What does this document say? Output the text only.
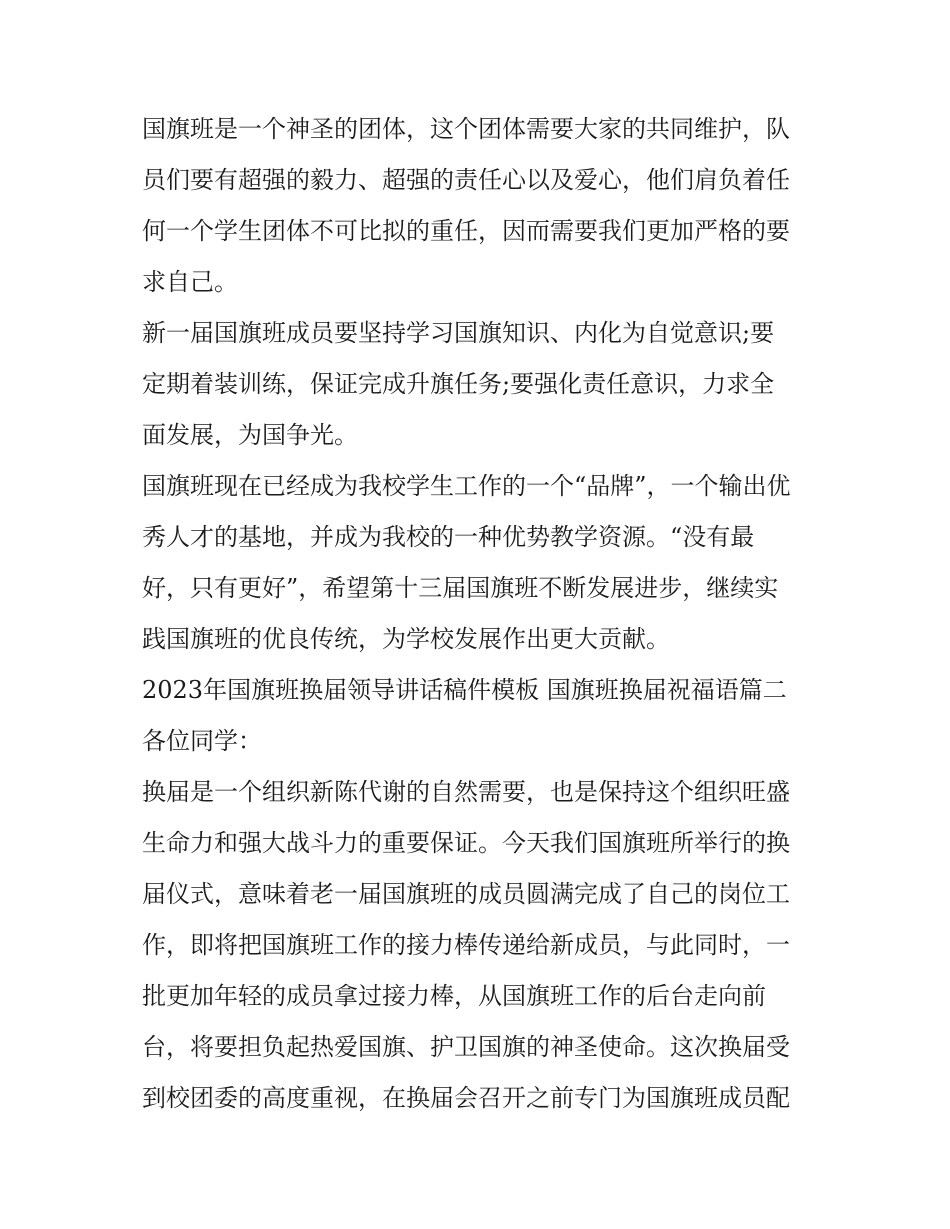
国旗班是一个神圣的团体，这个团体需要大家的共同维护，队
员们要有超强的毅力、超强的责任心以及爱心，他们肩负着任
何一个学生团体不可比拟的重任，因而需要我们更加严格的要
求自己。
新一届国旗班成员要坚持学习国旗知识、内化为自觉意识;要
定期着装训练，保证完成升旗任务;要强化责任意识，力求全
面发展，为国争光。
国旗班现在已经成为我校学生工作的一个“品牌”，一个输出优
秀人才的基地，并成为我校的一种优势教学资源。“没有最
好，只有更好”，希望第十三届国旗班不断发展进步，继续实
践国旗班的优良传统，为学校发展作出更大贡献。
2023年国旗班换届领导讲话稿件模板 国旗班换届祝福语篇二
各位同学：
换届是一个组织新陈代谢的自然需要，也是保持这个组织旺盛
生命力和强大战斗力的重要保证。今天我们国旗班所举行的换
届仪式，意味着老一届国旗班的成员圆满完成了自己的岗位工
作，即将把国旗班工作的接力棒传递给新成员，与此同时，一
批更加年轻的成员拿过接力棒，从国旗班工作的后台走向前
台，将要担负起热爱国旗、护卫国旗的神圣使命。这次换届受
到校团委的高度重视，在换届会召开之前专门为国旗班成员配
